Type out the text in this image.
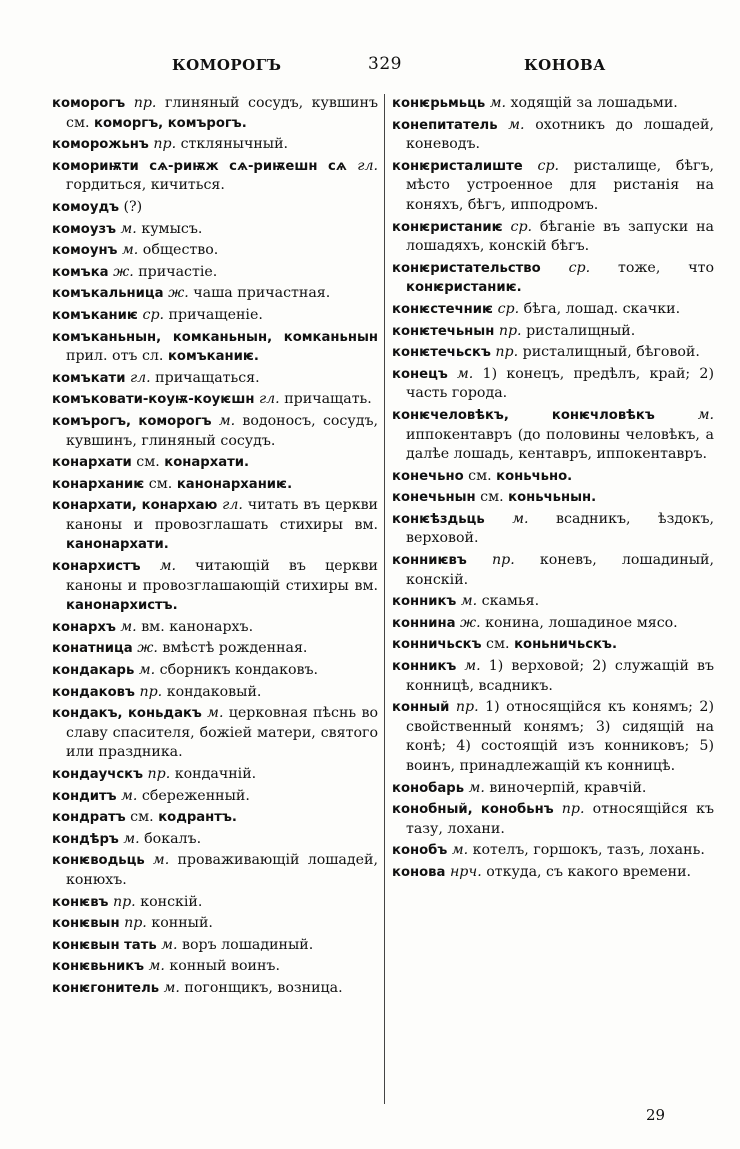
КОМОРОГЪ	329	КОНОВА
коморогъ пр. глиняный сосудъ, кувшинъ см. коморгъ, комърогъ.
коморожьнъ пр. стклянычный.
комориѭти сѧ-риѭж сѧ-риѭешн сѧ гл. гордиться, кичиться.
комоудъ (?)
комоузъ м. кумысъ.
комоунъ м. общество.
комъка ж. причастіе.
комъкальница ж. чаша причастная.
комъканиѥ ср. причащеніе.
комъканьнын, комканьнын, комканьнын прил. отъ сл. комъканиѥ.
комъкати гл. причащаться.
комъковати-коуѭ-коуѥшн гл. причащать.
комърогъ, коморогъ м. водоносъ, сосудъ, кувшинъ, глиняный сосудъ.
конархати см. конархати.
конарханиѥ см. канонарханиѥ.
конархати, конархаю гл. читать въ церкви каноны и провозглашать стихиры вм. канонархати.
конархистъ м. читающій въ церкви каноны и провозглашающій стихиры вм. канонархистъ.
конархъ м. вм. канонархъ.
конатница ж. вмѣстѣ рожденная.
кондакарь м. сборникъ кондаковъ.
кондаковъ пр. кондаковый.
кондакъ, коньдакъ м. церковная пѣснь во славу спасителя, божіей матери, святого или праздника.
кондаучскъ пр. кондачній.
кондитъ м. сбереженный.
кондратъ см. кодрантъ.
кондѣръ м. бокалъ.
конѥводьць м. проваживающій лошадей, конюхъ.
конѥвъ пр. конскій.
конѥвын пр. конный.
конѥвын тать м. воръ лошадиный.
конѥвьникъ м. конный воинъ.
конѥгонитель м. погонщикъ, возница.
конѥрьмьць м. ходящій за лошадьми.
конепитатель м. охотникъ до лошадей, коневодъ.
конѥристалиште ср. ристалище, бѣгъ, мѣсто устроенное для ристанія на коняхъ, бѣгъ, ипподромъ.
конѥристаниѥ ср. бѣганіе въ запуски на лошадяхъ, конскій бѣгъ.
конѥристательство ср. тоже, что конѥристаниѥ.
конѥстечниѥ ср. бѣга, лошад. скачки.
конѥтечьнын пр. ристалищный.
конѥтечьскъ пр. ристалищный, бѣговой.
конецъ м. 1) конецъ, предѣлъ, край; 2) часть города.
конѥчеловѣкъ, конѥчловѣкъ м. иппокентавръ (до половины человѣкъ, а далѣе лошадь, кентавръ, иппокентавръ.
конечьно см. коньчьно.
конечьнын см. коньчьнын.
конѥѣздьць м. всадникъ, ѣздокъ, верховой.
конниѥвъ пр. коневъ, лошадиный, конскій.
конникъ м. скамья.
коннина ж. конина, лошадиное мясо.
конничьскъ см. коньничьскъ.
конникъ м. 1) верховой; 2) служащій въ конницѣ, всадникъ.
конный пр. 1) относящійся къ конямъ; 2) свойственный конямъ; 3) сидящій на конѣ; 4) состоящій изъ конниковъ; 5) воинъ, принадлежащій къ конницѣ.
конобарь м. виночерпій, кравчій.
конобный, конобьнъ пр. относящійся къ тазу, лохани.
конобъ м. котелъ, горшокъ, тазъ, лохань.
конова нрч. откуда, съ какого времени.
29
